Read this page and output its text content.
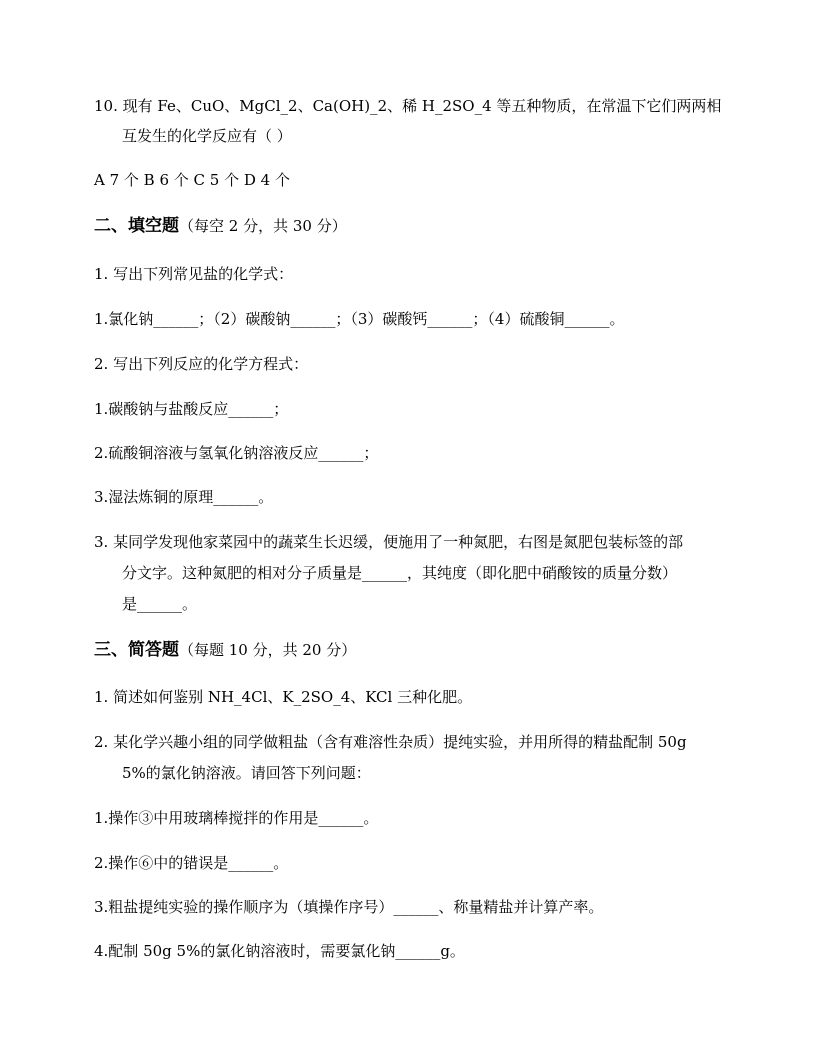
10. 现有 Fe、CuO、MgCl_2、Ca(OH)_2、稀 H_2SO_4 等五种物质，在常温下它们两两相
互发生的化学反应有（ ）
A 7 个 B 6 个 C 5 个 D 4 个
二、填空题（每空 2 分，共 30 分）
1. 写出下列常见盐的化学式：
1.氯化钠______；（2）碳酸钠______；（3）碳酸钙______；（4）硫酸铜______。
2. 写出下列反应的化学方程式：
1.碳酸钠与盐酸反应______；
2.硫酸铜溶液与氢氧化钠溶液反应______；
3.湿法炼铜的原理______。
3. 某同学发现他家菜园中的蔬菜生长迟缓，便施用了一种氮肥，右图是氮肥包装标签的部
分文字。这种氮肥的相对分子质量是______，其纯度（即化肥中硝酸铵的质量分数）
是______。
三、简答题（每题 10 分，共 20 分）
1. 简述如何鉴别 NH_4Cl、K_2SO_4、KCl 三种化肥。
2. 某化学兴趣小组的同学做粗盐（含有难溶性杂质）提纯实验，并用所得的精盐配制 50g
5%的氯化钠溶液。请回答下列问题：
1.操作③中用玻璃棒搅拌的作用是______。
2.操作⑥中的错误是______。
3.粗盐提纯实验的操作顺序为（填操作序号）______、称量精盐并计算产率。
4.配制 50g 5%的氯化钠溶液时，需要氯化钠______g。
